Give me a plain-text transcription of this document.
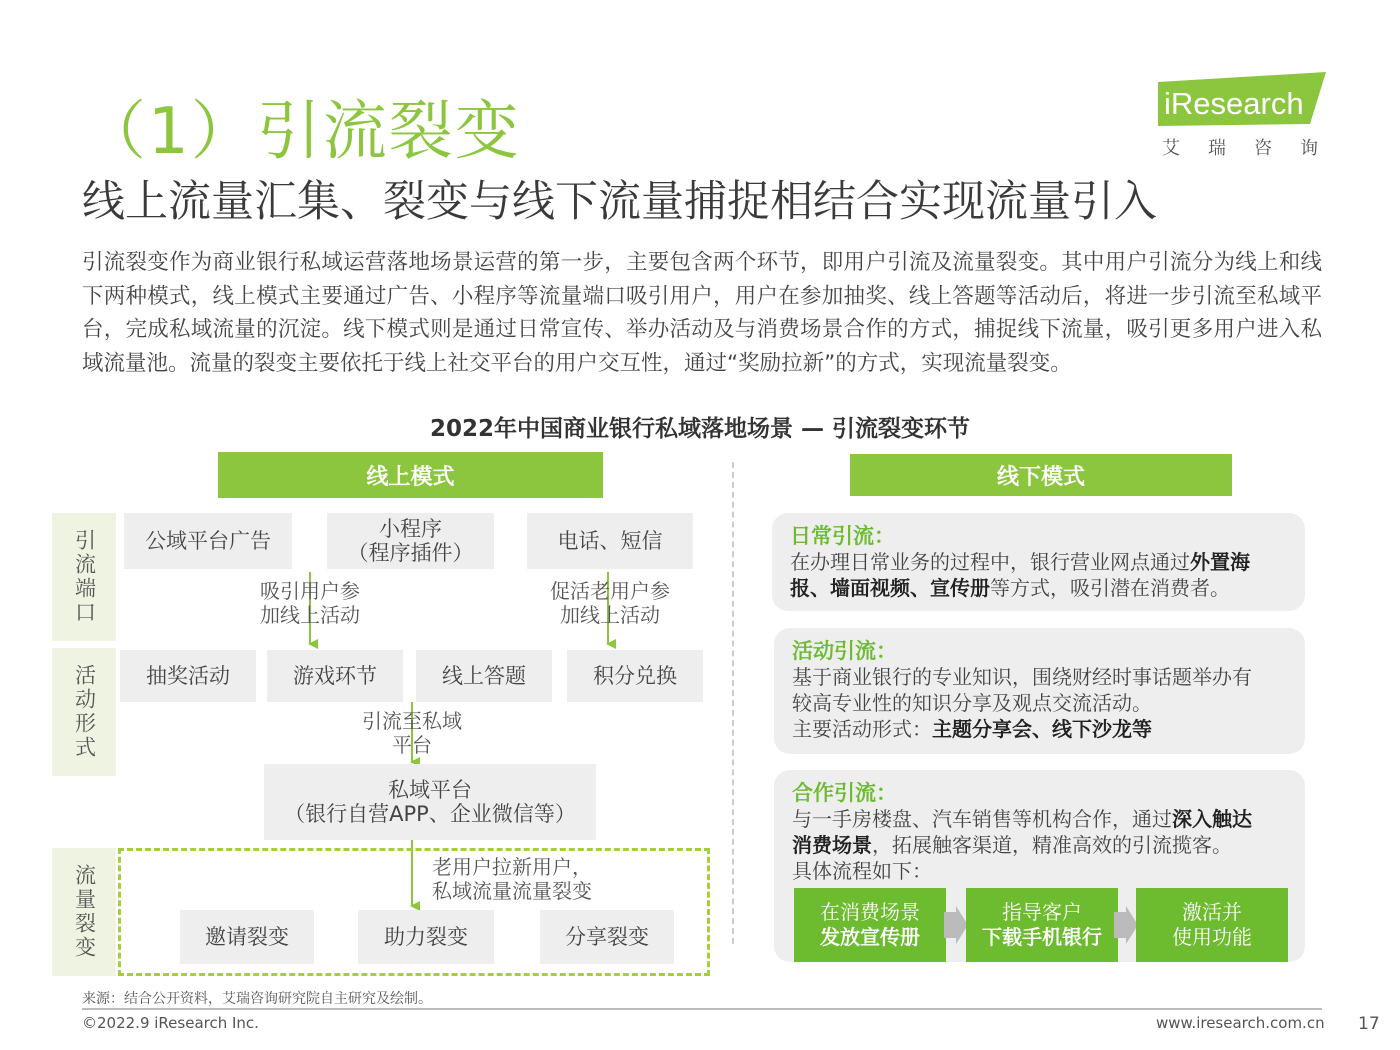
（1）引流裂变
线上流量汇集、裂变与线下流量捕捉相结合实现流量引入
iResearch
艾瑞咨询
引流裂变作为商业银行私域运营落地场景运营的第一步，主要包含两个环节，即用户引流及流量裂变。其中用户引流分为线上和线下两种模式，线上模式主要通过广告、小程序等流量端口吸引用户，用户在参加抽奖、线上答题等活动后，将进一步引流至私域平台，完成私域流量的沉淀。线下模式则是通过日常宣传、举办活动及与消费场景合作的方式，捕捉线下流量，吸引更多用户进入私域流量池。流量的裂变主要依托于线上社交平台的用户交互性，通过“奖励拉新”的方式，实现流量裂变。
2022年中国商业银行私域落地场景 — 引流裂变环节
线上模式	线下模式
引流端口
活动形式
流量裂变
公域平台广告	小程序
（程序插件）	电话、短信
吸引用户参
加线上活动
促活老用户参
加线上活动
抽奖活动	游戏环节	线上答题	积分兑换
引流至私域
平台
私域平台
（银行自营APP、企业微信等）
老用户拉新用户，
私域流量流量裂变
邀请裂变	助力裂变	分享裂变
日常引流：
在办理日常业务的过程中，银行营业网点通过外置海
报、墙面视频、宣传册等方式，吸引潜在消费者。
活动引流：
基于商业银行的专业知识，围绕财经时事话题举办有
较高专业性的知识分享及观点交流活动。
主要活动形式：主题分享会、线下沙龙等
合作引流：
与一手房楼盘、汽车销售等机构合作，通过深入触达
消费场景，拓展触客渠道，精准高效的引流揽客。
具体流程如下：
在消费场景
发放宣传册
指导客户
下载手机银行
激活并
使用功能
来源：结合公开资料，艾瑞咨询研究院自主研究及绘制。
©2022.9 iResearch Inc.	www.iresearch.com.cn 17
